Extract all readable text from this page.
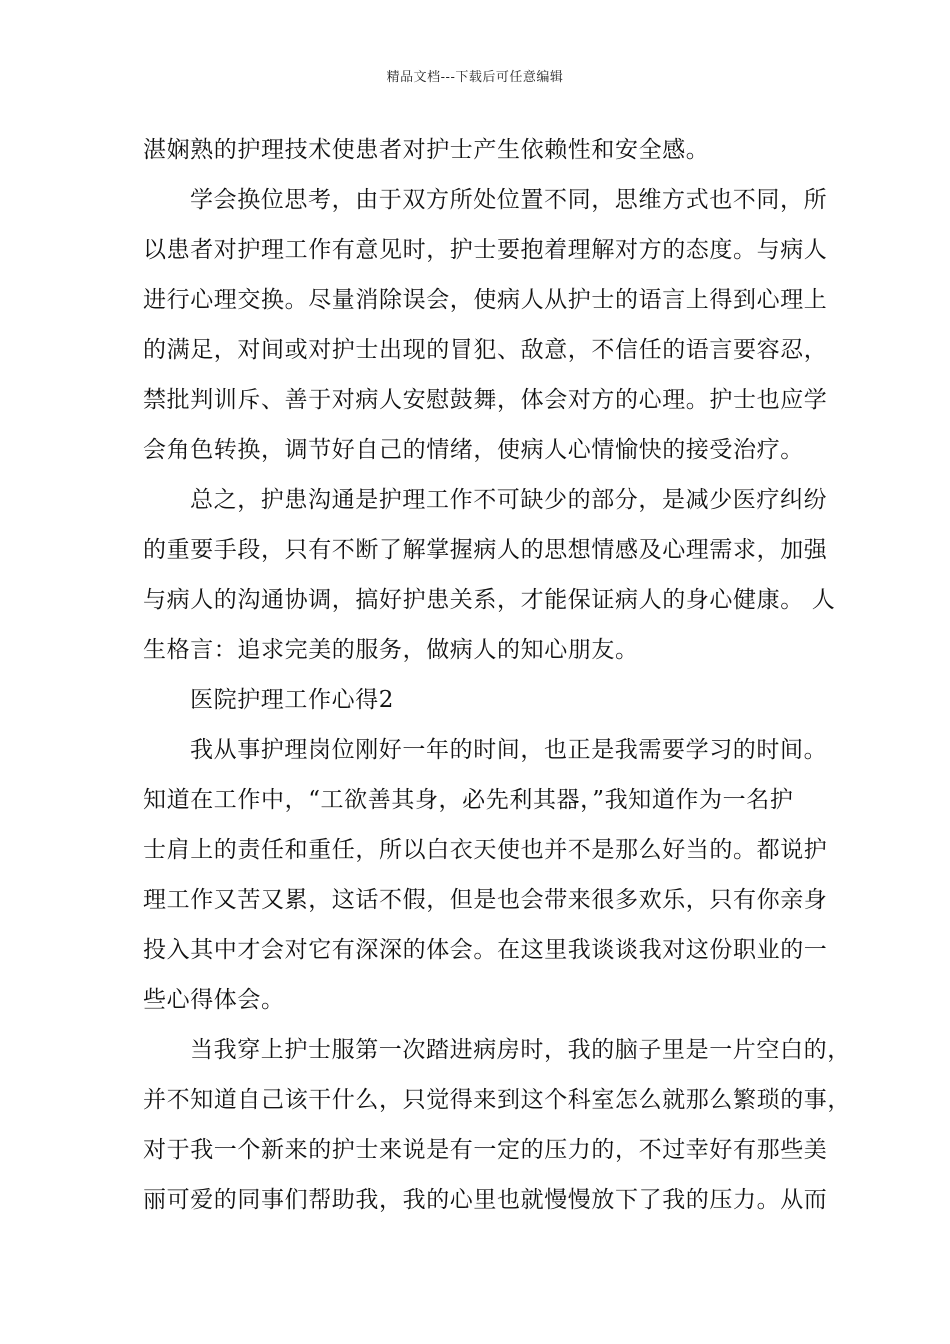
精品文档---下载后可任意编辑
湛娴熟的护理技术使患者对护士产生依赖性和安全感。
学会换位思考，由于双方所处位置不同，思维方式也不同，所
以患者对护理工作有意见时，护士要抱着理解对方的态度。与病人
进行心理交换。尽量消除误会，使病人从护士的语言上得到心理上
的满足，对间或对护士出现的冒犯、敌意，不信任的语言要容忍，
禁批判训斥、善于对病人安慰鼓舞，体会对方的心理。护士也应学
会角色转换，调节好自己的情绪，使病人心情愉快的接受治疗。
总之，护患沟通是护理工作不可缺少的部分，是减少医疗纠纷
的重要手段，只有不断了解掌握病人的思想情感及心理需求，加强
与病人的沟通协调，搞好护患关系，才能保证病人的身心健康。 人
生格言：追求完美的服务，做病人的知心朋友。
医院护理工作心得2
我从事护理岗位刚好一年的时间，也正是我需要学习的时间。
知道在工作中，“工欲善其身，必先利其器，”我知道作为一名护
士肩上的责任和重任，所以白衣天使也并不是那么好当的。都说护
理工作又苦又累，这话不假，但是也会带来很多欢乐，只有你亲身
投入其中才会对它有深深的体会。在这里我谈谈我对这份职业的一
些心得体会。
当我穿上护士服第一次踏进病房时，我的脑子里是一片空白的，
并不知道自己该干什么，只觉得来到这个科室怎么就那么繁琐的事，
对于我一个新来的护士来说是有一定的压力的，不过幸好有那些美
丽可爱的同事们帮助我，我的心里也就慢慢放下了我的压力。从而
